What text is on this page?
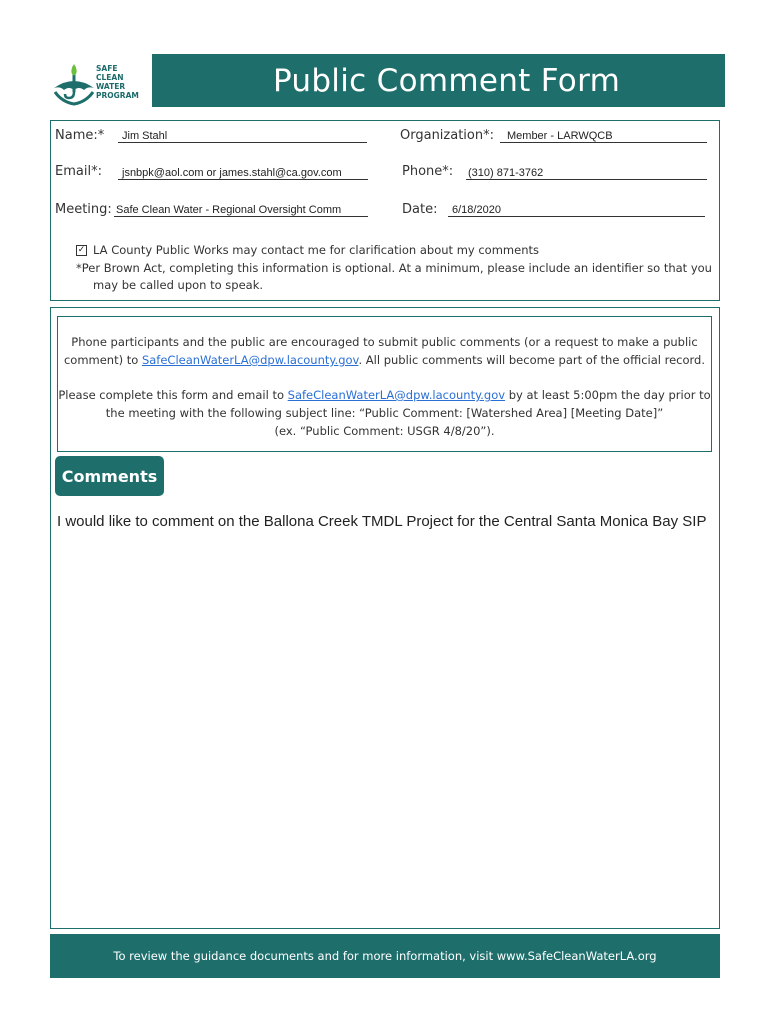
SAFE
CLEAN
WATER
PROGRAM	Public Comment Form
Name:* Jim Stahl	Organization*: Member - LARWQCB
Email*: jsnbpk@aol.com or james.stahl@ca.gov.com	Phone*: (310) 871-3762
Meeting: Safe Clean Water - Regional Oversight Comm	Date: 6/18/2020
✓ LA County Public Works may contact me for clarification about my comments
*Per Brown Act, completing this information is optional. At a minimum, please include an identifier so that you
may be called upon to speak.

Phone participants and the public are encouraged to submit public comments (or a request to make a public
comment) to SafeCleanWaterLA@dpw.lacounty.gov. All public comments will become part of the official record.

Please complete this form and email to SafeCleanWaterLA@dpw.lacounty.gov by at least 5:00pm the day prior to
the meeting with the following subject line: “Public Comment: [Watershed Area] [Meeting Date]”
(ex. “Public Comment: USGR 4/8/20”).

Comments
I would like to comment on the Ballona Creek TMDL Project for the Central Santa Monica Bay SIP
To review the guidance documents and for more information, visit www.SafeCleanWaterLA.org
